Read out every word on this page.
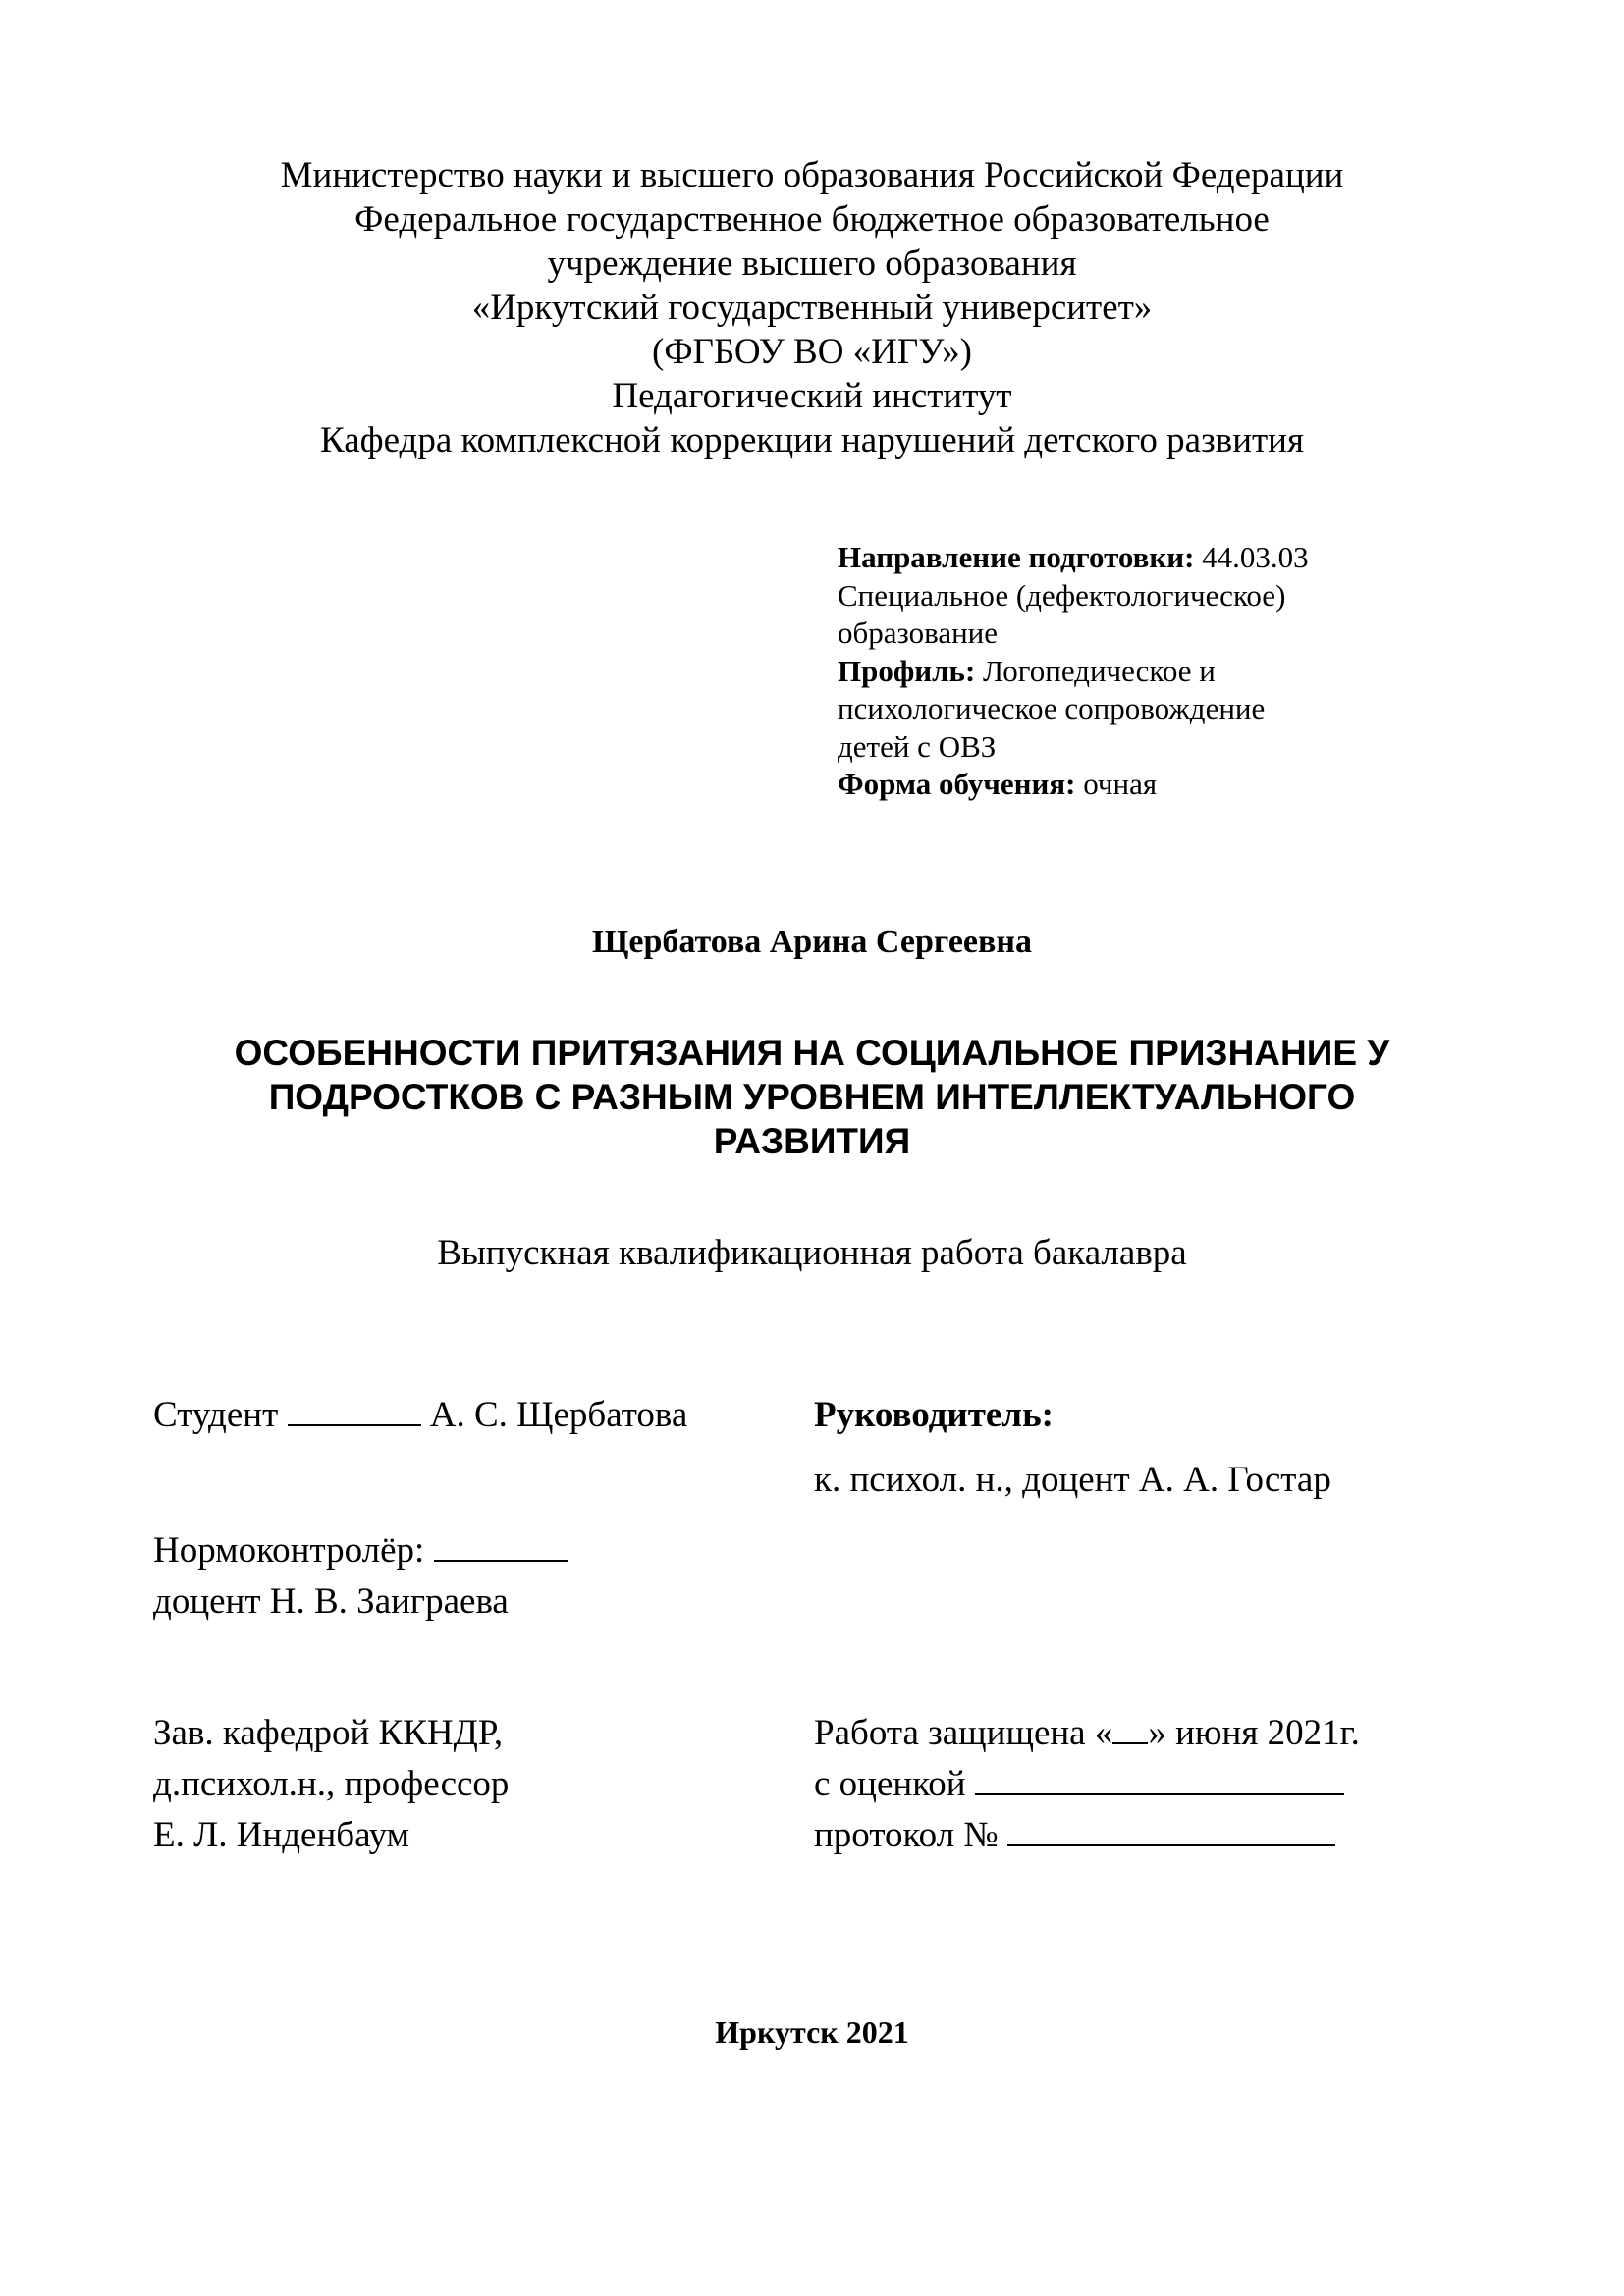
Министерство науки и высшего образования Российской Федерации
Федеральное государственное бюджетное образовательное
учреждение высшего образования
«Иркутский государственный университет»
(ФГБОУ ВО «ИГУ»)
Педагогический институт
Кафедра комплексной коррекции нарушений детского развития
Направление подготовки: 44.03.03
Специальное (дефектологическое)
образование
Профиль: Логопедическое и
психологическое сопровождение
детей с ОВЗ
Форма обучения: очная
Щербатова Арина Сергеевна
ОСОБЕННОСТИ ПРИТЯЗАНИЯ НА СОЦИАЛЬНОЕ ПРИЗНАНИЕ У
ПОДРОСТКОВ С РАЗНЫМ УРОВНЕМ ИНТЕЛЛЕКТУАЛЬНОГО
РАЗВИТИЯ
Выпускная квалификационная работа бакалавра
Студент	А. С. Щербатова	Руководитель:
к. психол. н., доцент А. А. Гостар
Нормоконтролёр:
доцент Н. В. Заиграева
Зав. кафедрой ККНДР,
д.психол.н., профессор
Е. Л. Инденбаум
Работа защищена « » июня 2021г.
с оценкой
протокол №
Иркутск 2021
